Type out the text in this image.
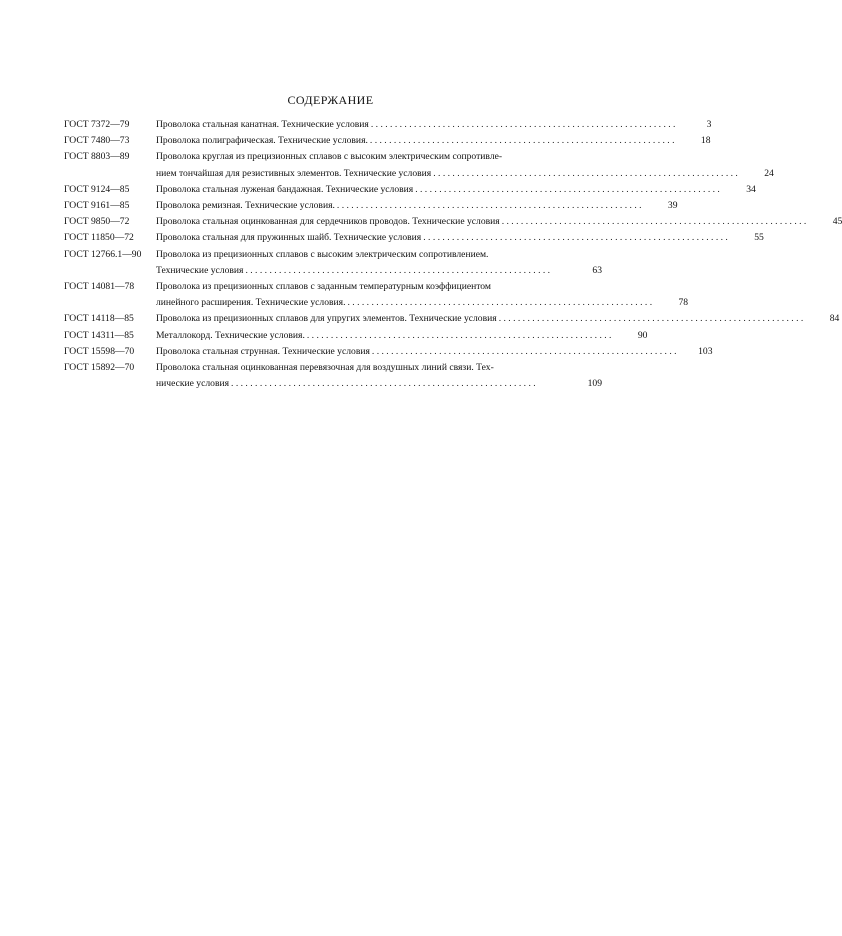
СОДЕРЖАНИЕ
ГОСТ 7372—79	Проволока стальная канатная. Технические условия . . . . . . . . . . . . . . . . . . . . . . . . . . . . . . . . . . . . . . . . . . . . . . . . . . . . . . . . . . . . . . . .	3
ГОСТ 7480—73	Проволока полиграфическая. Технические условия. . . . . . . . . . . . . . . . . . . . . . . . . . . . . . . . . . . . . . . . . . . . . . . . . . . . . . . . . . . . . . . . .	18
ГОСТ 8803—89	Проволока круглая из прецизионных сплавов с высоким электрическим сопротивле-
нием тончайшая для резистивных элементов. Технические условия . . . . . . . . . . . . . . . . . . . . . . . . . . . . . . . . . . . . . . . . . . . . . . . . . . . . . . . . . . . . . . . .	24
ГОСТ 9124—85	Проволока стальная луженая бандажная. Технические условия . . . . . . . . . . . . . . . . . . . . . . . . . . . . . . . . . . . . . . . . . . . . . . . . . . . . . . . . . . . . . . . .	34
ГОСТ 9161—85	Проволока ремизная. Технические условия. . . . . . . . . . . . . . . . . . . . . . . . . . . . . . . . . . . . . . . . . . . . . . . . . . . . . . . . . . . . . . . . .	39
ГОСТ 9850—72	Проволока стальная оцинкованная для сердечников проводов. Технические условия . . . . . . . . . . . . . . . . . . . . . . . . . . . . . . . . . . . . . . . . . . . . . . . . . . . . . . . . . . . . . . . .	45
ГОСТ 11850—72	Проволока стальная для пружинных шайб. Технические условия . . . . . . . . . . . . . . . . . . . . . . . . . . . . . . . . . . . . . . . . . . . . . . . . . . . . . . . . . . . . . . . .	55
ГОСТ 12766.1—90	Проволока из прецизионных сплавов с высоким электрическим сопротивлением.
Технические условия . . . . . . . . . . . . . . . . . . . . . . . . . . . . . . . . . . . . . . . . . . . . . . . . . . . . . . . . . . . . . . . .	63
ГОСТ 14081—78	Проволока из прецизионных сплавов с заданным температурным коэффициентом
линейного расширения. Технические условия. . . . . . . . . . . . . . . . . . . . . . . . . . . . . . . . . . . . . . . . . . . . . . . . . . . . . . . . . . . . . . . . .	78
ГОСТ 14118—85	Проволока из прецизионных сплавов для упругих элементов. Технические условия . . . . . . . . . . . . . . . . . . . . . . . . . . . . . . . . . . . . . . . . . . . . . . . . . . . . . . . . . . . . . . . .	84
ГОСТ 14311—85	Металлокорд. Технические условия. . . . . . . . . . . . . . . . . . . . . . . . . . . . . . . . . . . . . . . . . . . . . . . . . . . . . . . . . . . . . . . . .	90
ГОСТ 15598—70	Проволока стальная струнная. Технические условия . . . . . . . . . . . . . . . . . . . . . . . . . . . . . . . . . . . . . . . . . . . . . . . . . . . . . . . . . . . . . . . .	103
ГОСТ 15892—70	Проволока стальная оцинкованная перевязочная для воздушных линий связи. Тех-
нические условия . . . . . . . . . . . . . . . . . . . . . . . . . . . . . . . . . . . . . . . . . . . . . . . . . . . . . . . . . . . . . . . .	109
